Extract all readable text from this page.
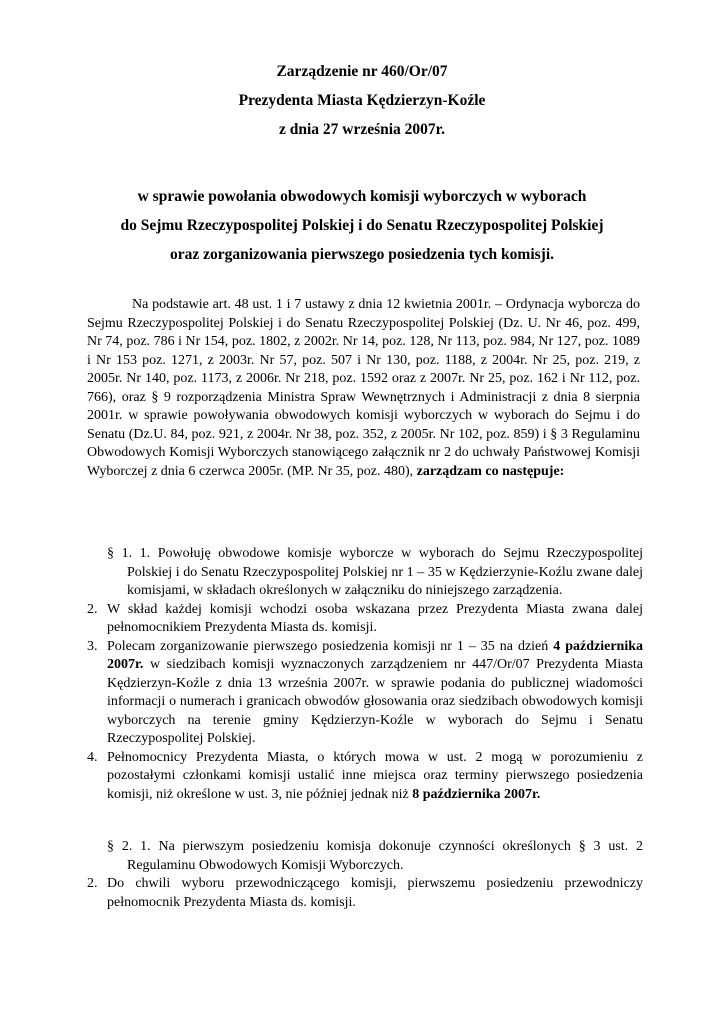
Zarządzenie nr 460/Or/07
Prezydenta Miasta Kędzierzyn-Koźle
z dnia 27 września 2007r.
w sprawie powołania obwodowych komisji wyborczych w wyborach
do Sejmu Rzeczypospolitej Polskiej i do Senatu Rzeczypospolitej Polskiej
oraz zorganizowania pierwszego posiedzenia tych komisji.
Na podstawie art. 48 ust. 1 i 7 ustawy z dnia 12 kwietnia 2001r. – Ordynacja wyborcza do Sejmu Rzeczypospolitej Polskiej i do Senatu Rzeczypospolitej Polskiej (Dz. U. Nr 46, poz. 499, Nr 74, poz. 786 i Nr 154, poz. 1802, z 2002r. Nr 14, poz. 128, Nr 113, poz. 984, Nr 127, poz. 1089 i Nr 153 poz. 1271, z 2003r. Nr 57, poz. 507 i Nr 130, poz. 1188, z 2004r. Nr 25, poz. 219, z 2005r. Nr 140, poz. 1173, z 2006r. Nr 218, poz. 1592 oraz z 2007r. Nr 25, poz. 162 i Nr 112, poz. 766), oraz § 9 rozporządzenia Ministra Spraw Wewnętrznych i Administracji z dnia 8 sierpnia 2001r. w sprawie powoływania obwodowych komisji wyborczych w wyborach do Sejmu i do Senatu (Dz.U. 84, poz. 921, z 2004r. Nr 38, poz. 352, z 2005r. Nr 102, poz. 859) i § 3 Regulaminu Obwodowych Komisji Wyborczych stanowiącego załącznik nr 2 do uchwały Państwowej Komisji Wyborczej z dnia 6 czerwca 2005r. (MP. Nr 35, poz. 480), zarządzam co następuje:
§ 1. 1. Powołuję obwodowe komisje wyborcze w wyborach do Sejmu Rzeczypospolitej Polskiej i do Senatu Rzeczypospolitej Polskiej nr 1 – 35 w Kędzierzynie-Koźlu zwane dalej komisjami, w składach określonych w załączniku do niniejszego zarządzenia.
2. W skład każdej komisji wchodzi osoba wskazana przez Prezydenta Miasta zwana dalej pełnomocnikiem Prezydenta Miasta ds. komisji.
3. Polecam zorganizowanie pierwszego posiedzenia komisji nr 1 – 35 na dzień 4 października 2007r. w siedzibach komisji wyznaczonych zarządzeniem nr 447/Or/07 Prezydenta Miasta Kędzierzyn-Koźle z dnia 13 września 2007r. w sprawie podania do publicznej wiadomości informacji o numerach i granicach obwodów głosowania oraz siedzibach obwodowych komisji wyborczych na terenie gminy Kędzierzyn-Koźle w wyborach do Sejmu i Senatu Rzeczypospolitej Polskiej.
4. Pełnomocnicy Prezydenta Miasta, o których mowa w ust. 2 mogą w porozumieniu z pozostałymi członkami komisji ustalić inne miejsca oraz terminy pierwszego posiedzenia komisji, niż określone w ust. 3, nie później jednak niż 8 października 2007r.
§ 2. 1. Na pierwszym posiedzeniu komisja dokonuje czynności określonych § 3 ust. 2 Regulaminu Obwodowych Komisji Wyborczych.
2. Do chwili wyboru przewodniczącego komisji, pierwszemu posiedzeniu przewodniczy pełnomocnik Prezydenta Miasta ds. komisji.
